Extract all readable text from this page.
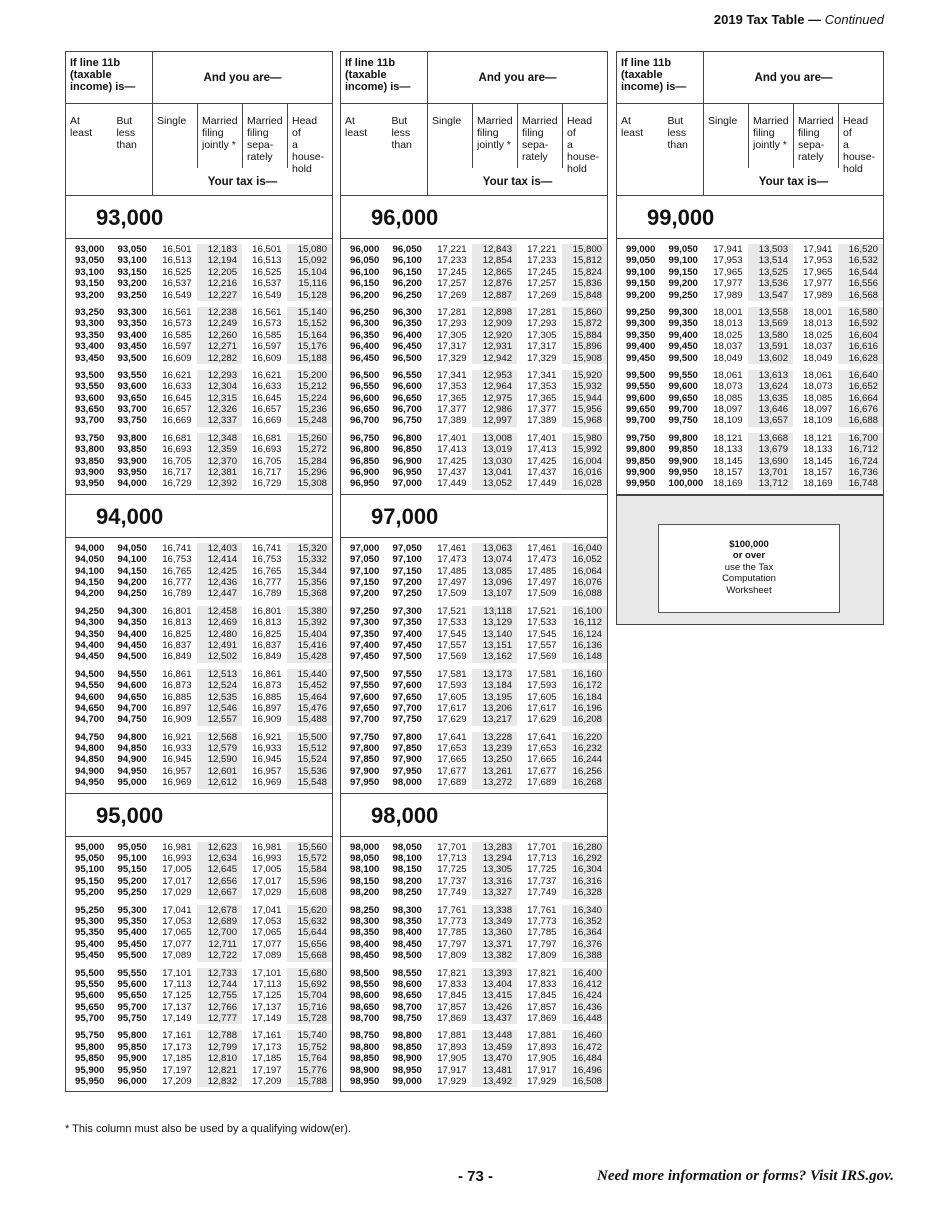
2019 Tax Table — Continued
If line 11b
(taxable
income) is—
And you are—
At
least
But
less
than
Single	Married
filing
jointly *
Married
filing
sepa-
rately
Head of
a
house-
hold
Your tax is—
93,000
93,000	93,050	16,501	12,183	16,501	15,080
93,050	93,100	16,513	12,194	16,513	15,092
93,100	93,150	16,525	12,205	16,525	15,104
93,150	93,200	16,537	12,216	16,537	15,116
93,200	93,250	16,549	12,227	16,549	15,128
93,250	93,300	16,561	12,238	16,561	15,140
93,300	93,350	16,573	12,249	16,573	15,152
93,350	93,400	16,585	12,260	16,585	15,164
93,400	93,450	16,597	12,271	16,597	15,176
93,450	93,500	16,609	12,282	16,609	15,188
93,500	93,550	16,621	12,293	16,621	15,200
93,550	93,600	16,633	12,304	16,633	15,212
93,600	93,650	16,645	12,315	16,645	15,224
93,650	93,700	16,657	12,326	16,657	15,236
93,700	93,750	16,669	12,337	16,669	15,248
93,750	93,800	16,681	12,348	16,681	15,260
93,800	93,850	16,693	12,359	16,693	15,272
93,850	93,900	16,705	12,370	16,705	15,284
93,900	93,950	16,717	12,381	16,717	15,296
93,950	94,000	16,729	12,392	16,729	15,308
94,000
94,000	94,050	16,741	12,403	16,741	15,320
94,050	94,100	16,753	12,414	16,753	15,332
94,100	94,150	16,765	12,425	16,765	15,344
94,150	94,200	16,777	12,436	16,777	15,356
94,200	94,250	16,789	12,447	16,789	15,368
94,250	94,300	16,801	12,458	16,801	15,380
94,300	94,350	16,813	12,469	16,813	15,392
94,350	94,400	16,825	12,480	16,825	15,404
94,400	94,450	16,837	12,491	16,837	15,416
94,450	94,500	16,849	12,502	16,849	15,428
94,500	94,550	16,861	12,513	16,861	15,440
94,550	94,600	16,873	12,524	16,873	15,452
94,600	94,650	16,885	12,535	16,885	15,464
94,650	94,700	16,897	12,546	16,897	15,476
94,700	94,750	16,909	12,557	16,909	15,488
94,750	94,800	16,921	12,568	16,921	15,500
94,800	94,850	16,933	12,579	16,933	15,512
94,850	94,900	16,945	12,590	16,945	15,524
94,900	94,950	16,957	12,601	16,957	15,536
94,950	95,000	16,969	12,612	16,969	15,548
95,000
95,000	95,050	16,981	12,623	16,981	15,560
95,050	95,100	16,993	12,634	16,993	15,572
95,100	95,150	17,005	12,645	17,005	15,584
95,150	95,200	17,017	12,656	17,017	15,596
95,200	95,250	17,029	12,667	17,029	15,608
95,250	95,300	17,041	12,678	17,041	15,620
95,300	95,350	17,053	12,689	17,053	15,632
95,350	95,400	17,065	12,700	17,065	15,644
95,400	95,450	17,077	12,711	17,077	15,656
95,450	95,500	17,089	12,722	17,089	15,668
95,500	95,550	17,101	12,733	17,101	15,680
95,550	95,600	17,113	12,744	17,113	15,692
95,600	95,650	17,125	12,755	17,125	15,704
95,650	95,700	17,137	12,766	17,137	15,716
95,700	95,750	17,149	12,777	17,149	15,728
95,750	95,800	17,161	12,788	17,161	15,740
95,800	95,850	17,173	12,799	17,173	15,752
95,850	95,900	17,185	12,810	17,185	15,764
95,900	95,950	17,197	12,821	17,197	15,776
95,950	96,000	17,209	12,832	17,209	15,788
If line 11b
(taxable
income) is—
And you are—
At
least
But
less
than
Single	Married
filing
jointly *
Married
filing
sepa-
rately
Head of
a
house-
hold
Your tax is—
96,000
96,000	96,050	17,221	12,843	17,221	15,800
96,050	96,100	17,233	12,854	17,233	15,812
96,100	96,150	17,245	12,865	17,245	15,824
96,150	96,200	17,257	12,876	17,257	15,836
96,200	96,250	17,269	12,887	17,269	15,848
96,250	96,300	17,281	12,898	17,281	15,860
96,300	96,350	17,293	12,909	17,293	15,872
96,350	96,400	17,305	12,920	17,305	15,884
96,400	96,450	17,317	12,931	17,317	15,896
96,450	96,500	17,329	12,942	17,329	15,908
96,500	96,550	17,341	12,953	17,341	15,920
96,550	96,600	17,353	12,964	17,353	15,932
96,600	96,650	17,365	12,975	17,365	15,944
96,650	96,700	17,377	12,986	17,377	15,956
96,700	96,750	17,389	12,997	17,389	15,968
96,750	96,800	17,401	13,008	17,401	15,980
96,800	96,850	17,413	13,019	17,413	15,992
96,850	96,900	17,425	13,030	17,425	16,004
96,900	96,950	17,437	13,041	17,437	16,016
96,950	97,000	17,449	13,052	17,449	16,028
97,000
97,000	97,050	17,461	13,063	17,461	16,040
97,050	97,100	17,473	13,074	17,473	16,052
97,100	97,150	17,485	13,085	17,485	16,064
97,150	97,200	17,497	13,096	17,497	16,076
97,200	97,250	17,509	13,107	17,509	16,088
97,250	97,300	17,521	13,118	17,521	16,100
97,300	97,350	17,533	13,129	17,533	16,112
97,350	97,400	17,545	13,140	17,545	16,124
97,400	97,450	17,557	13,151	17,557	16,136
97,450	97,500	17,569	13,162	17,569	16,148
97,500	97,550	17,581	13,173	17,581	16,160
97,550	97,600	17,593	13,184	17,593	16,172
97,600	97,650	17,605	13,195	17,605	16,184
97,650	97,700	17,617	13,206	17,617	16,196
97,700	97,750	17,629	13,217	17,629	16,208
97,750	97,800	17,641	13,228	17,641	16,220
97,800	97,850	17,653	13,239	17,653	16,232
97,850	97,900	17,665	13,250	17,665	16,244
97,900	97,950	17,677	13,261	17,677	16,256
97,950	98,000	17,689	13,272	17,689	16,268
98,000
98,000	98,050	17,701	13,283	17,701	16,280
98,050	98,100	17,713	13,294	17,713	16,292
98,100	98,150	17,725	13,305	17,725	16,304
98,150	98,200	17,737	13,316	17,737	16,316
98,200	98,250	17,749	13,327	17,749	16,328
98,250	98,300	17,761	13,338	17,761	16,340
98,300	98,350	17,773	13,349	17,773	16,352
98,350	98,400	17,785	13,360	17,785	16,364
98,400	98,450	17,797	13,371	17,797	16,376
98,450	98,500	17,809	13,382	17,809	16,388
98,500	98,550	17,821	13,393	17,821	16,400
98,550	98,600	17,833	13,404	17,833	16,412
98,600	98,650	17,845	13,415	17,845	16,424
98,650	98,700	17,857	13,426	17,857	16,436
98,700	98,750	17,869	13,437	17,869	16,448
98,750	98,800	17,881	13,448	17,881	16,460
98,800	98,850	17,893	13,459	17,893	16,472
98,850	98,900	17,905	13,470	17,905	16,484
98,900	98,950	17,917	13,481	17,917	16,496
98,950	99,000	17,929	13,492	17,929	16,508
If line 11b
(taxable
income) is—
And you are—
At
least
But
less
than
Single	Married
filing
jointly *
Married
filing
sepa-
rately
Head of
a
house-
hold
Your tax is—
99,000
99,000	99,050	17,941	13,503	17,941	16,520
99,050	99,100	17,953	13,514	17,953	16,532
99,100	99,150	17,965	13,525	17,965	16,544
99,150	99,200	17,977	13,536	17,977	16,556
99,200	99,250	17,989	13,547	17,989	16,568
99,250	99,300	18,001	13,558	18,001	16,580
99,300	99,350	18,013	13,569	18,013	16,592
99,350	99,400	18,025	13,580	18,025	16,604
99,400	99,450	18,037	13,591	18,037	16,616
99,450	99,500	18,049	13,602	18,049	16,628
99,500	99,550	18,061	13,613	18,061	16,640
99,550	99,600	18,073	13,624	18,073	16,652
99,600	99,650	18,085	13,635	18,085	16,664
99,650	99,700	18,097	13,646	18,097	16,676
99,700	99,750	18,109	13,657	18,109	16,688
99,750	99,800	18,121	13,668	18,121	16,700
99,800	99,850	18,133	13,679	18,133	16,712
99,850	99,900	18,145	13,690	18,145	16,724
99,900	99,950	18,157	13,701	18,157	16,736
99,950	100,000	18,169	13,712	18,169	16,748
$100,000
or over
use the Tax
Computation
Worksheet
* This column must also be used by a qualifying widow(er).
- 73 -	Need more information or forms? Visit IRS.gov.
